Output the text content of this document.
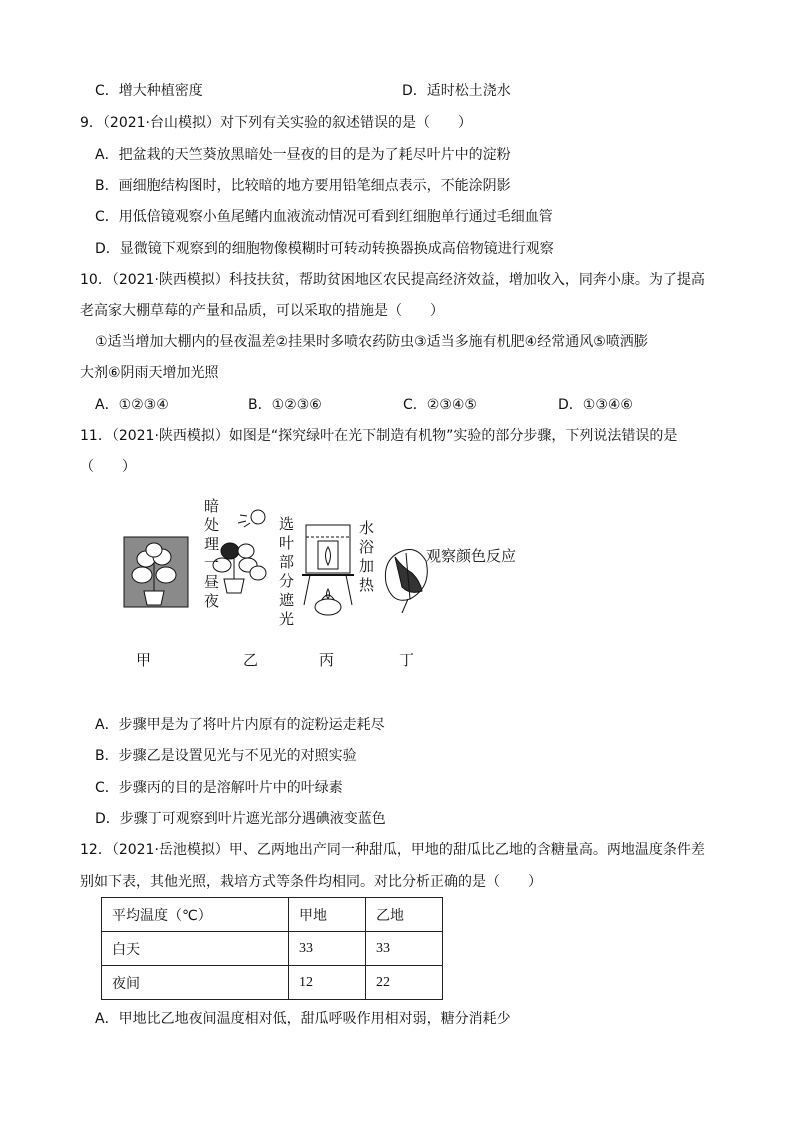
C．增大种植密度	D．适时松土浇水
9．（2021·台山模拟）对下列有关实验的叙述错误的是（　　）
A．把盆栽的天竺葵放黑暗处一昼夜的目的是为了耗尽叶片中的淀粉
B．画细胞结构图时，比较暗的地方要用铅笔细点表示，不能涂阴影
C．用低倍镜观察小鱼尾鳍内血液流动情况可看到红细胞单行通过毛细血管
D．显微镜下观察到的细胞物像模糊时可转动转换器换成高倍物镜进行观察
10．（2021·陕西模拟）科技扶贫，帮助贫困地区农民提高经济效益，增加收入，同奔小康。为了提高
老高家大棚草莓的产量和品质，可以采取的措施是（　　）
①适当增加大棚内的昼夜温差②挂果时多喷农药防虫③适当多施有机肥④经常通风⑤喷洒膨
大剂⑥阴雨天增加光照
A．①②③④	B．①②③⑥	C．②③④⑤	D．①③④⑥
11．（2021·陕西模拟）如图是“探究绿叶在光下制造有机物”实验的部分步骤，下列说法错误的是
（　　）
暗处理一昼夜
选叶部分遮光
水浴加热
观察颜色反应
甲	乙	丙	丁
A．步骤甲是为了将叶片内原有的淀粉运走耗尽
B．步骤乙是设置见光与不见光的对照实验
C．步骤丙的目的是溶解叶片中的叶绿素
D．步骤丁可观察到叶片遮光部分遇碘液变蓝色
12．（2021·岳池模拟）甲、乙两地出产同一种甜瓜，甲地的甜瓜比乙地的含糖量高。两地温度条件差
别如下表，其他光照，栽培方式等条件均相同。对比分析正确的是（　　）
平均温度（℃）	甲地	乙地
白天	33	33
夜间	12	22
A．甲地比乙地夜间温度相对低，甜瓜呼吸作用相对弱，糖分消耗少
